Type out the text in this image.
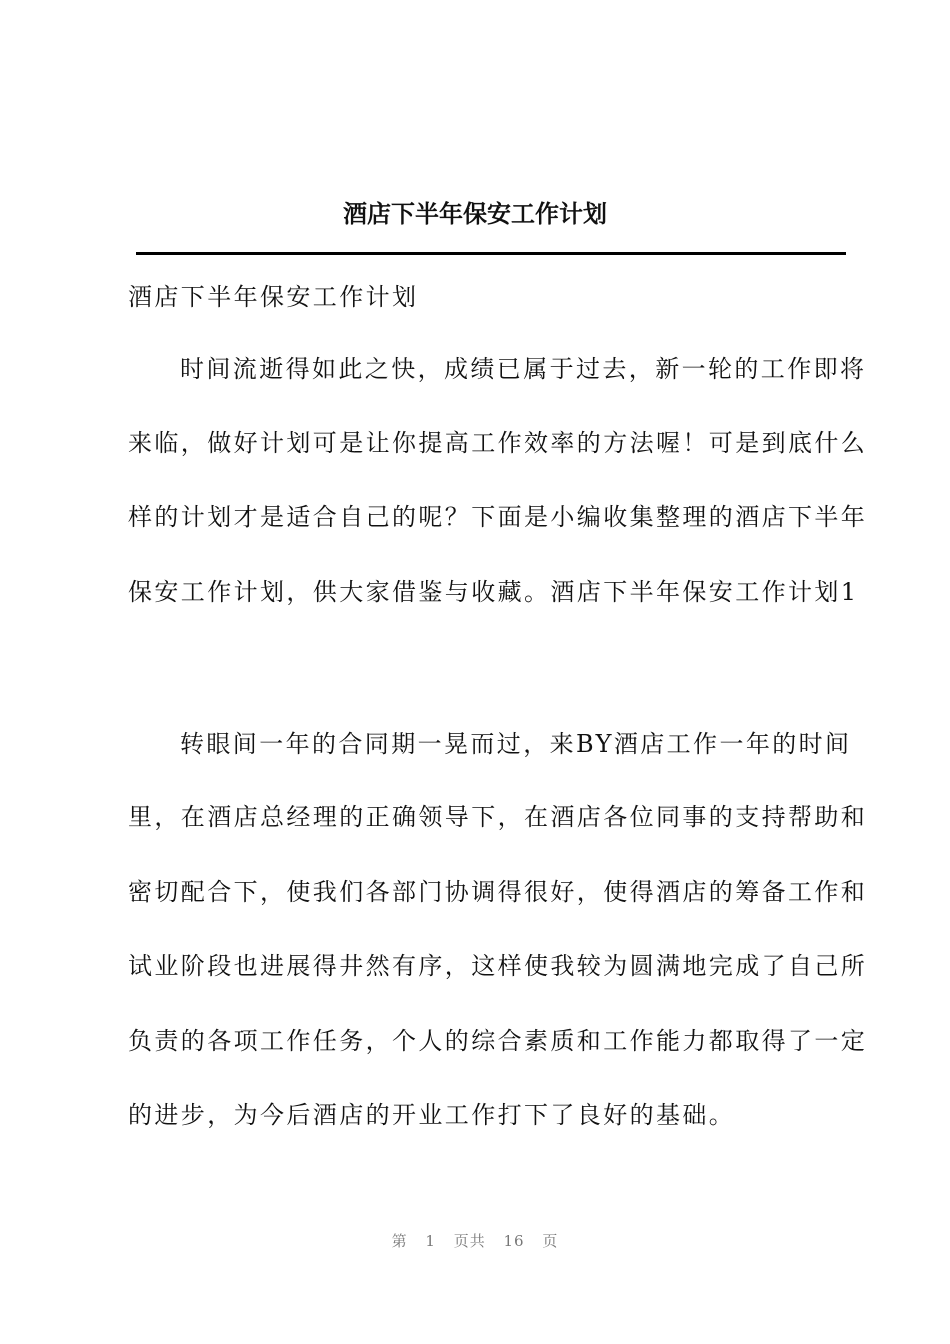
酒店下半年保安工作计划
酒店下半年保安工作计划
时间流逝得如此之快，成绩已属于过去，新一轮的工作即将
来临，做好计划可是让你提高工作效率的方法喔！可是到底什么
样的计划才是适合自己的呢？下面是小编收集整理的酒店下半年
保安工作计划，供大家借鉴与收藏。酒店下半年保安工作计划1
转眼间一年的合同期一晃而过，来BY酒店工作一年的时间
里，在酒店总经理的正确领导下，在酒店各位同事的支持帮助和
密切配合下，使我们各部门协调得很好，使得酒店的筹备工作和
试业阶段也进展得井然有序，这样使我较为圆满地完成了自己所
负责的各项工作任务，个人的综合素质和工作能力都取得了一定
的进步，为今后酒店的开业工作打下了良好的基础。
第 1 页共 16 页
